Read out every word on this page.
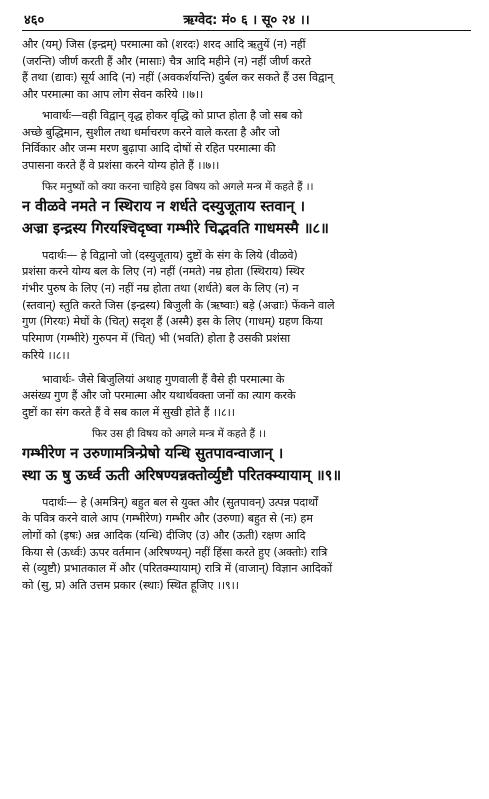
४६०	ऋग्वेद: मं० ६ । सू० २४ ।।
और (यम्) जिस (इन्द्रम्) परमात्मा को (शरदः) शरद आदि ऋतुयें (न) नहीं
(जरन्ति) जीर्ण करती हैं और (मासाः) चैत्र आदि महीने (न) नहीं जीर्ण करते
हैं तथा (द्यावः) सूर्य आदि (न) नहीं (अवकर्शयन्ति) दुर्बल कर सकते हैं उस विद्वान्
और परमात्मा का आप लोग सेवन करिये ।।७।।
भावार्थः—वही विद्वान् वृद्ध होकर वृद्धि को प्राप्त होता है जो सब को
अच्छे बुद्धिमान, सुशील तथा धर्माचरण करने वाले करता है और जो
निर्विकार और जन्म मरण बुढ़ापा आदि दोषों से रहित परमात्मा की
उपासना करते हैं वे प्रशंसा करने योग्य होते हैं ।।७।।
फिर मनुष्यों को क्या करना चाहिये इस विषय को अगले मन्त्र में कहते हैं ।।
न वीळवे नमते न स्थिराय न शर्धते दस्युजूताय स्तवान् ।
अज्रा इन्द्रस्य गिरयश्चिदृष्वा गम्भीरे चिद्भवति गाधमस्मै ॥८॥
पदार्थः— हे विद्वानो जो (दस्युजूताय) दुष्टों के संग के लिये (वीळवे)
प्रशंसा करने योग्य बल के लिए (न) नहीं (नमते) नम्र होता (स्थिराय) स्थिर
गंभीर पुरुष के लिए (न) नहीं नम्र होता तथा (शर्धते) बल के लिए (न) न
(स्तवान्) स्तुति करते जिस (इन्द्रस्य) बिजुली के (ऋष्वाः) बड़े (अज्राः) फेंकने वाले
गुण (गिरयः) मेघों के (चित्) सदृश हैं (अस्मै) इस के लिए (गाधम्) ग्रहण किया
परिमाण (गम्भीरे) गुरुपन में (चित्) भी (भवति) होता है उसकी प्रशंसा
करिये ।।८।।
भावार्थः- जैसे बिजुलियां अथाह गुणवाली हैं वैसे ही परमात्मा के
असंख्य गुण हैं और जो परमात्मा और यथार्थवक्ता जनों का त्याग करके
दुष्टों का संग करते हैं वे सब काल में सुखी होते हैं ।।८।।
फिर उस ही विषय को अगले मन्त्र में कहते हैं ।।
गम्भीरेण न उरुणामत्रिन्प्रेषो यन्धि सुतपावन्वाजान् ।
स्था ऊ षु ऊर्ध्व ऊती अरिषण्यन्नक्तोर्व्युष्टौ परितक्म्यायाम् ॥९॥
पदार्थः— हे (अमत्रिन्) बहुत बल से युक्त और (सुतपावन्) उत्पन्न पदार्थों
के पवित्र करने वाले आप (गम्भीरेण) गम्भीर और (उरुणा) बहुत से (नः) हम
लोगों को (इषः) अन्न आदिक (यन्धि) दीजिए (उ) और (ऊती) रक्षण आदि
किया से (ऊर्ध्वः) ऊपर वर्तमान (अरिषण्यन्) नहीं हिंसा करते हुए (अक्तोः) रात्रि
से (व्युष्टौ) प्रभातकाल में और (परितक्म्यायाम्) रात्रि में (वाजान्) विज्ञान आदिकों
को (सु, प्र) अति उत्तम प्रकार (स्थाः) स्थित हूजिए ।।९।।
